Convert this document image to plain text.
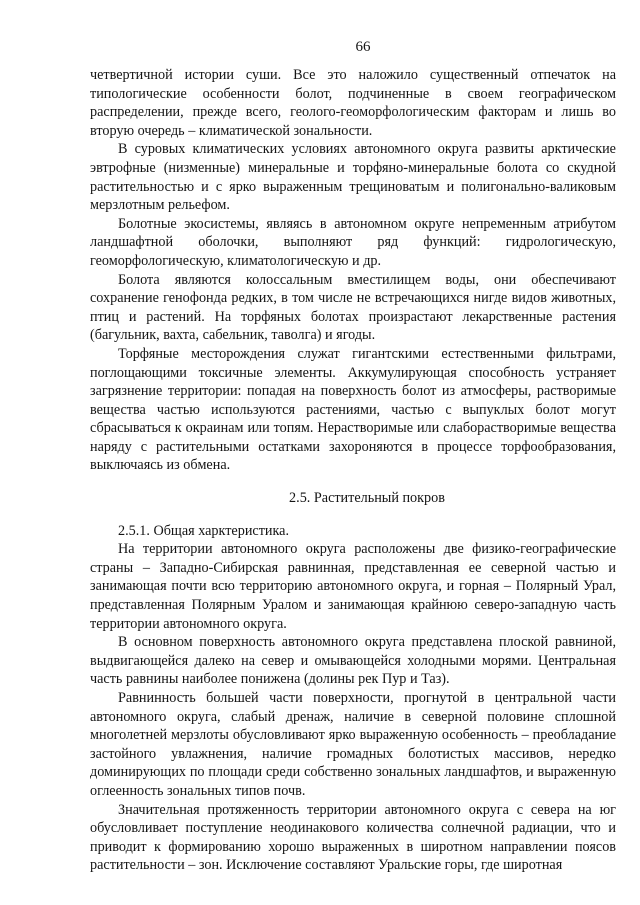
66

четвертичной истории суши. Все это наложило существенный отпечаток на типологические особенности болот, подчиненные в своем географическом распределении, прежде всего, геолого-геоморфологическим факторам и лишь во вторую очередь – климатической зональности.

В суровых климатических условиях автономного округа развиты арктические эвтрофные (низменные) минеральные и торфяно-минеральные болота со скудной растительностью и с ярко выраженным трещиноватым и полигонально-валиковым мерзлотным рельефом.

Болотные экосистемы, являясь в автономном округе непременным атрибутом ландшафтной оболочки, выполняют ряд функций: гидрологическую, геоморфологическую, климатологическую и др.

Болота являются колоссальным вместилищем воды, они обеспечивают сохранение генофонда редких, в том числе не встречающихся нигде видов животных, птиц и растений. На торфяных болотах произрастают лекарственные растения (багульник, вахта, сабельник, таволга) и ягоды.

Торфяные месторождения служат гигантскими естественными фильтрами, поглощающими токсичные элементы. Аккумулирующая способность устраняет загрязнение территории: попадая на поверхность болот из атмосферы, растворимые вещества частью используются растениями, частью с выпуклых болот могут сбрасываться к окраинам или топям. Нерастворимые или слаборастворимые вещества наряду с растительными остатками захороняются в процессе торфообразования, выключаясь из обмена.

2.5. Растительный покров

2.5.1. Общая харктеристика.

На территории автономного округа расположены две физико-географические страны – Западно-Сибирская равнинная, представленная ее северной частью и занимающая почти всю территорию автономного округа, и горная – Полярный Урал, представленная Полярным Уралом и занимающая крайнюю северо-западную часть территории автономного округа.

В основном поверхность автономного округа представлена плоской равниной, выдвигающейся далеко на север и омывающейся холодными морями. Центральная часть равнины наиболее понижена (долины рек Пур и Таз).

Равнинность большей части поверхности, прогнутой в центральной части автономного округа, слабый дренаж, наличие в северной половине сплошной многолетней мерзлоты обусловливают ярко выраженную особенность – преобладание застойного увлажнения, наличие громадных болотистых массивов, нередко доминирующих по площади среди собственно зональных ландшафтов, и выраженную оглеенность зональных типов почв.

Значительная протяженность территории автономного округа с севера на юг обусловливает поступление неодинакового количества солнечной радиации, что и приводит к формированию хорошо выраженных в широтном направлении поясов растительности – зон. Исключение составляют Уральские горы, где широтная
